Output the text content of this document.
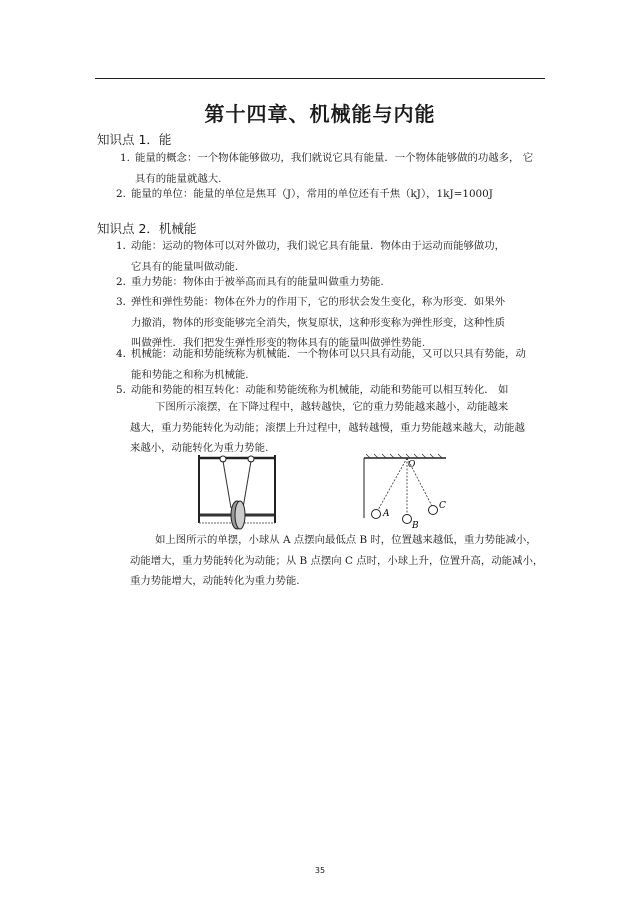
第十四章、机械能与内能
知识点 1．能
1. 能量的概念：一个物体能够做功，我们就说它具有能量．一个物体能够做的功越多， 它
具有的能量就越大.
2. 能量的单位：能量的单位是焦耳（J），常用的单位还有千焦（kJ），1kJ=1000J
知识点 2．机械能
1．动能：运动的物体可以对外做功，我们说它具有能量．物体由于运动而能够做功，
它具有的能量叫做动能.
2．重力势能：物体由于被举高而具有的能量叫做重力势能.
3．弹性和弹性势能：物体在外力的作用下，它的形状会发生变化，称为形变．如果外
力撤消，物体的形变能够完全消失，恢复原状，这种形变称为弹性形变，这种性质
叫做弹性．我们把发生弹性形变的物体具有的能量叫做弹性势能.
4．机械能：动能和势能统称为机械能．一个物体可以只具有动能，又可以只具有势能，动
能和势能之和称为机械能.
5．动能和势能的相互转化：动能和势能统称为机械能，动能和势能可以相互转化． 如
下图所示滚摆，在下降过程中，越转越快，它的重力势能越来越小，动能越来
越大，重力势能转化为动能；滚摆上升过程中，越转越慢，重力势能越来越大，动能越
来越小，动能转化为重力势能.
O
A
B
C
如上图所示的单摆，小球从 A 点摆向最低点 B 时，位置越来越低，重力势能减小，
动能增大，重力势能转化为动能；从 B 点摆向 C 点时，小球上升，位置升高，动能减小，
重力势能增大，动能转化为重力势能.
35
